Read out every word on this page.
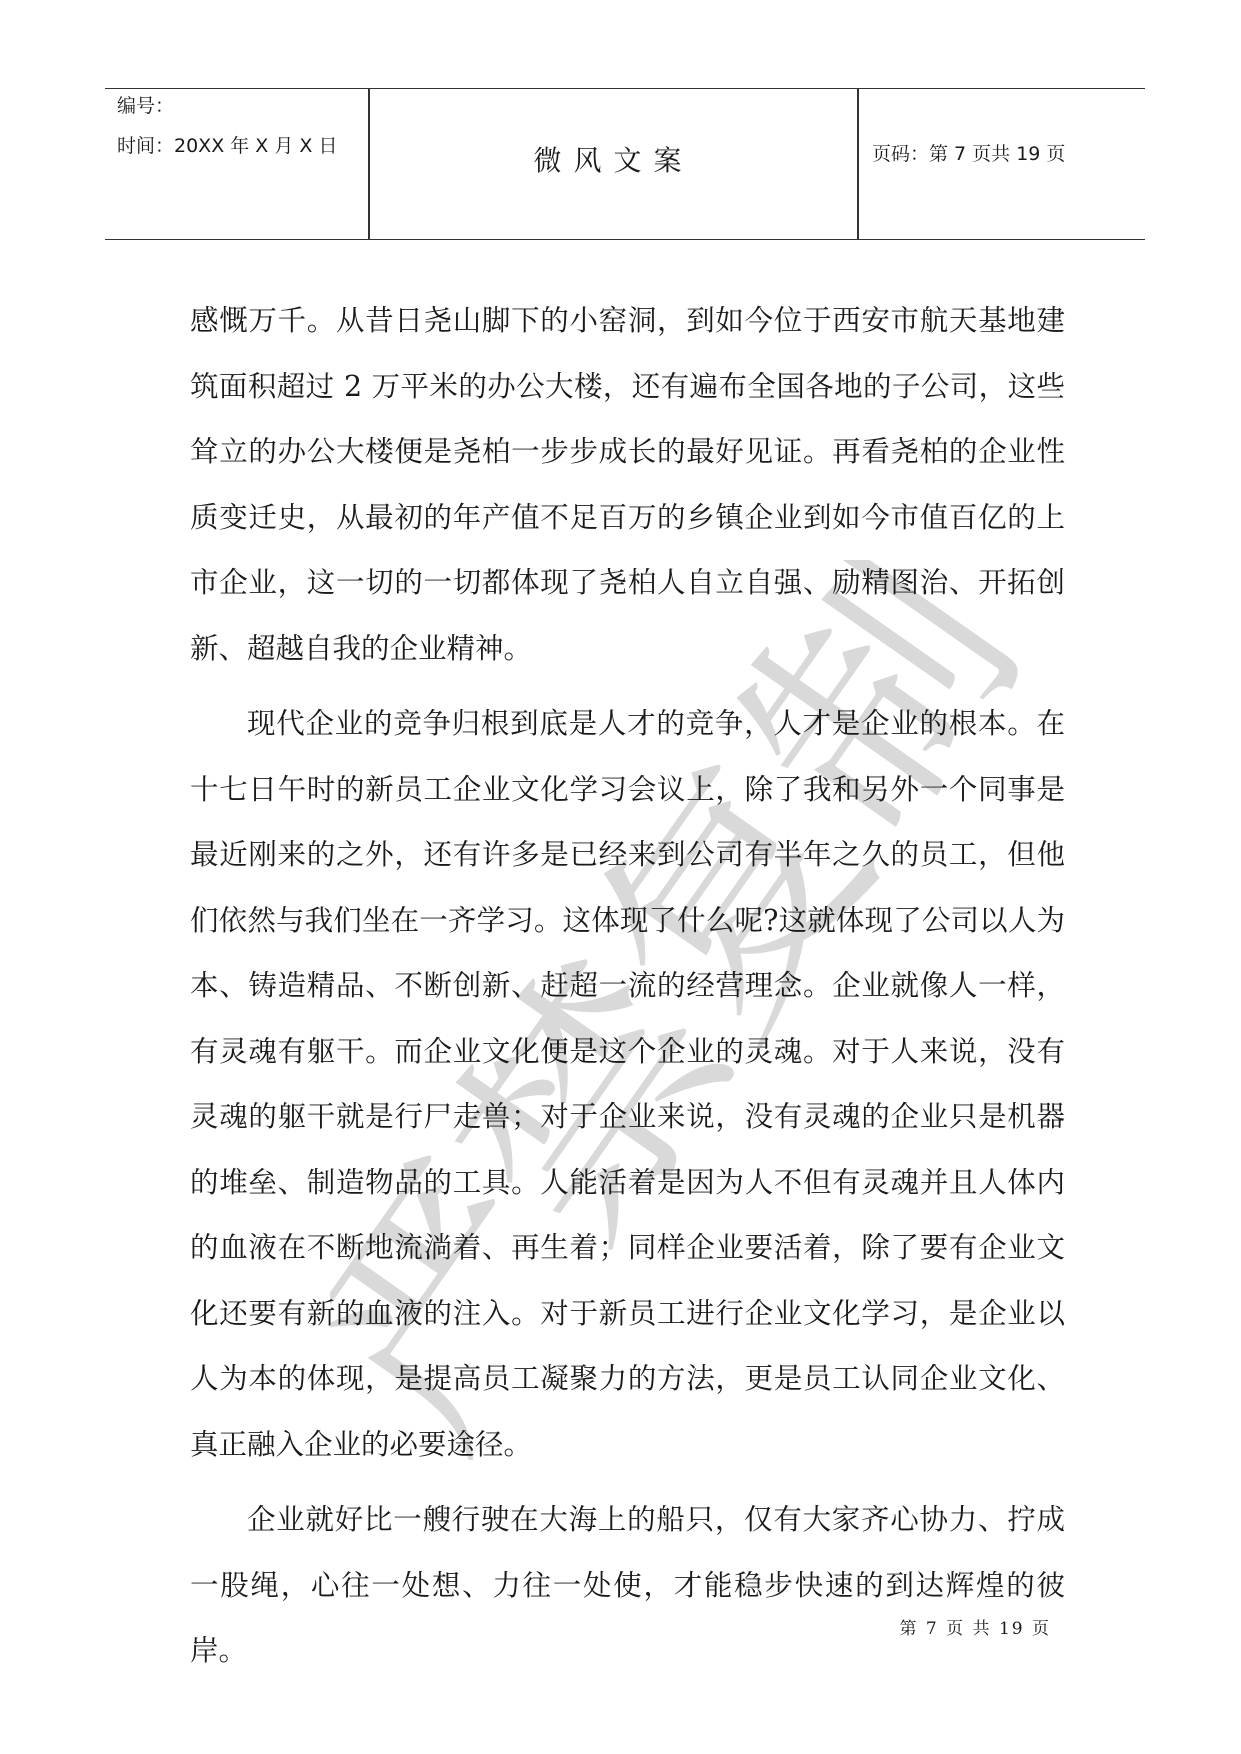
编号：
时间：20XX 年 X 月 X 日	微风文案	页码：第 7 页共 19 页
严禁复制

感慨万千。从昔日尧山脚下的小窑洞，到如今位于西安市航天基地建筑面积超过 2 万平米的办公大楼，还有遍布全国各地的子公司，这些耸立的办公大楼便是尧柏一步步成长的最好见证。再看尧柏的企业性质变迁史，从最初的年产值不足百万的乡镇企业到如今市值百亿的上市企业，这一切的一切都体现了尧柏人自立自强、励精图治、开拓创新、超越自我的企业精神。

现代企业的竞争归根到底是人才的竞争，人才是企业的根本。在十七日午时的新员工企业文化学习会议上，除了我和另外一个同事是最近刚来的之外，还有许多是已经来到公司有半年之久的员工，但他们依然与我们坐在一齐学习。这体现了什么呢?这就体现了公司以人为本、铸造精品、不断创新、赶超一流的经营理念。企业就像人一样，有灵魂有躯干。而企业文化便是这个企业的灵魂。对于人来说，没有灵魂的躯干就是行尸走兽；对于企业来说，没有灵魂的企业只是机器的堆垒、制造物品的工具。人能活着是因为人不但有灵魂并且人体内的血液在不断地流淌着、再生着；同样企业要活着，除了要有企业文化还要有新的血液的注入。对于新员工进行企业文化学习，是企业以人为本的体现，是提高员工凝聚力的方法，更是员工认同企业文化、真正融入企业的必要途径。

企业就好比一艘行驶在大海上的船只，仅有大家齐心协力、拧成一股绳，心往一处想、力往一处使，才能稳步快速的到达辉煌的彼岸。

第 7 页 共 19 页
